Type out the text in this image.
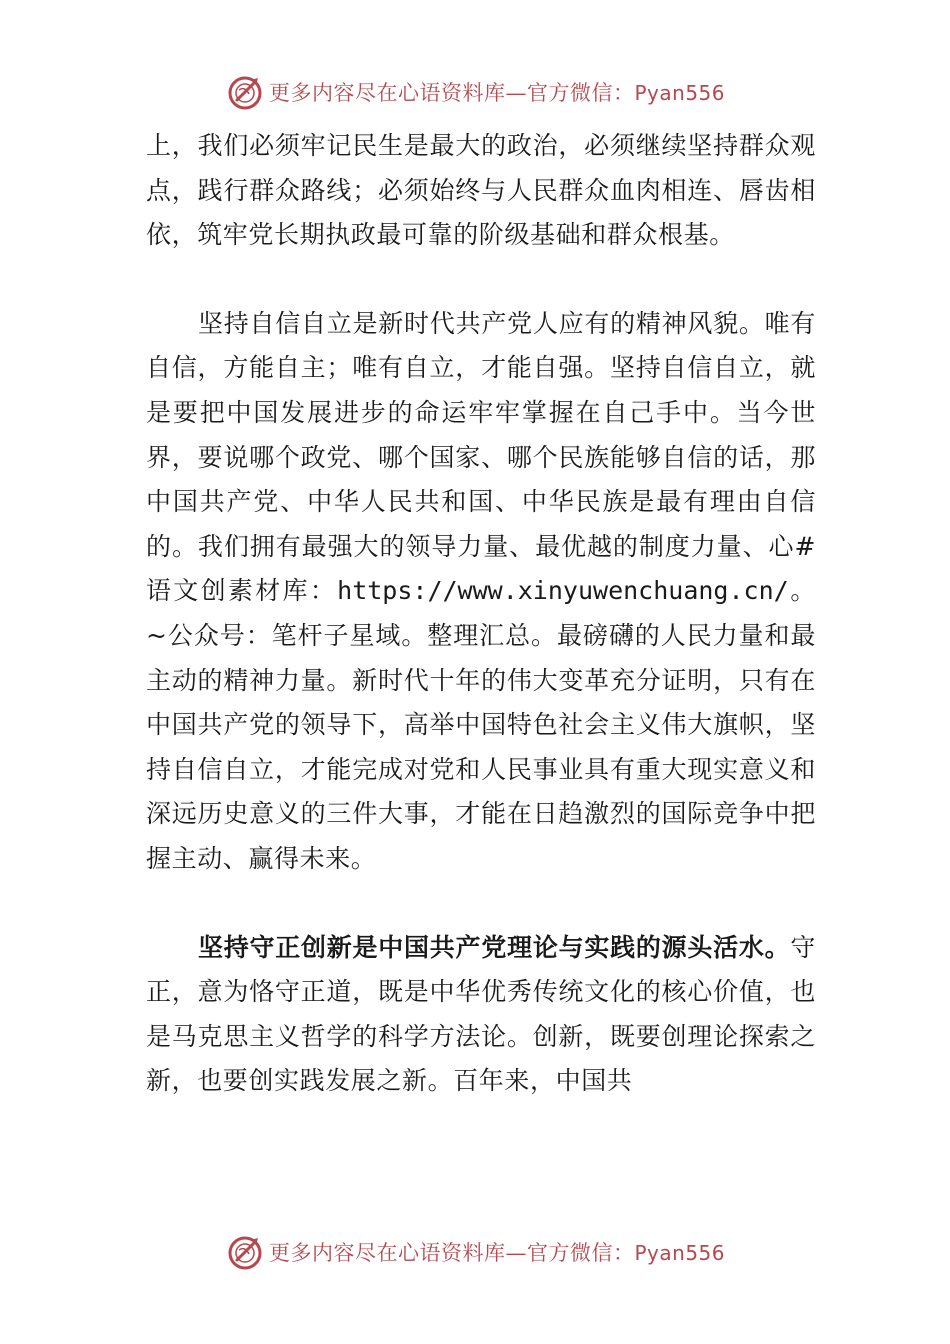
更多内容尽在心语资料库—官方微信：Pyan556

上，我们必须牢记民生是最大的政治，必须继续坚持群众观点，践行群众路线；必须始终与人民群众血肉相连、唇齿相依，筑牢党长期执政最可靠的阶级基础和群众根基。

坚持自信自立是新时代共产党人应有的精神风貌。唯有自信，方能自主；唯有自立，才能自强。坚持自信自立，就是要把中国发展进步的命运牢牢掌握在自己手中。当今世界，要说哪个政党、哪个国家、哪个民族能够自信的话，那中国共产党、中华人民共和国、中华民族是最有理由自信的。我们拥有最强大的领导力量、最优越的制度力量、心#语文创素材库：https://www.xinyuwenchuang.cn/。~公众号：笔杆子星域。整理汇总。最磅礴的人民力量和最主动的精神力量。新时代十年的伟大变革充分证明，只有在中国共产党的领导下，高举中国特色社会主义伟大旗帜，坚持自信自立，才能完成对党和人民事业具有重大现实意义和深远历史意义的三件大事，才能在日趋激烈的国际竞争中把握主动、赢得未来。

坚持守正创新是中国共产党理论与实践的源头活水。守正，意为恪守正道，既是中华优秀传统文化的核心价值，也是马克思主义哲学的科学方法论。创新，既要创理论探索之新，也要创实践发展之新。百年来，中国共

更多内容尽在心语资料库—官方微信：Pyan556
